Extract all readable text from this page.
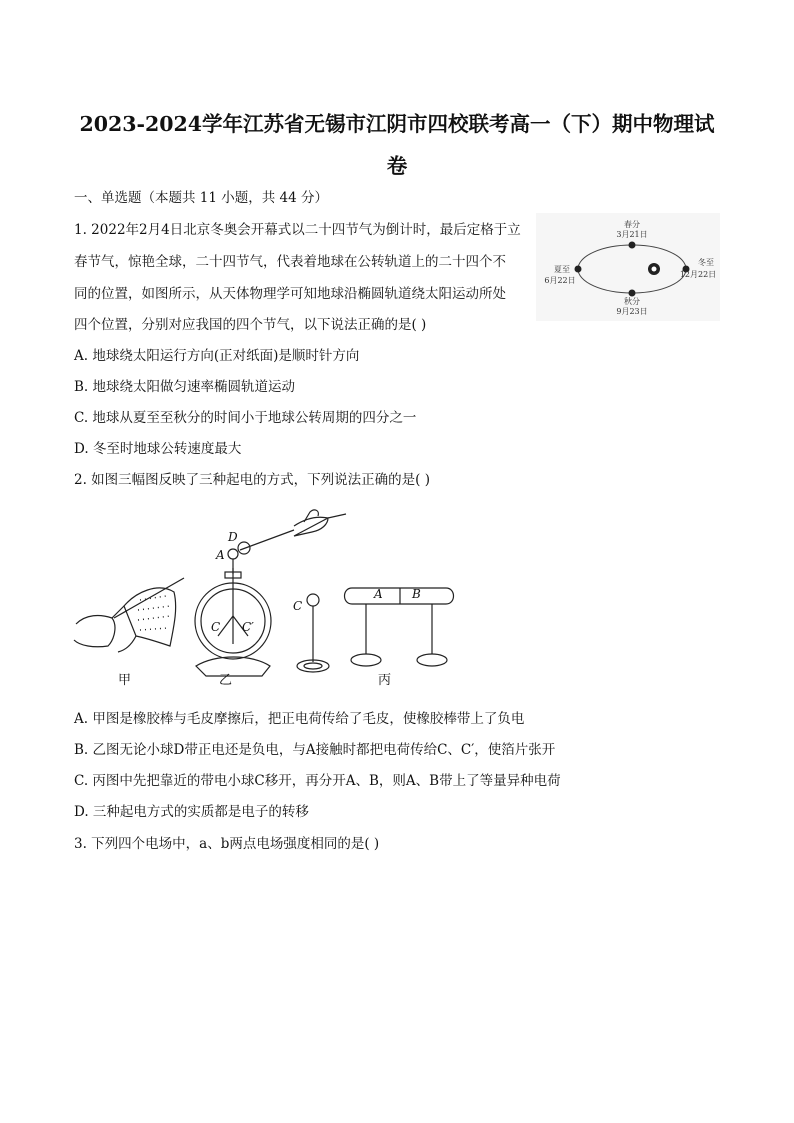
2023-2024学年江苏省无锡市江阴市四校联考高一（下）期中物理试
卷
一、单选题（本题共 11 小题，共 44 分）
1. 2022年2月4日北京冬奥会开幕式以二十四节气为倒计时，最后定格于立
春节气，惊艳全球，二十四节气，代表着地球在公转轨道上的二十四个不
同的位置，如图所示，从天体物理学可知地球沿椭圆轨道绕太阳运动所处
四个位置，分别对应我国的四个节气，以下说法正确的是( )
春分
3月21日
夏至
6月22日
秋分
9月23日
冬至
12月22日
A. 地球绕太阳运行方向(正对纸面)是顺时针方向
B. 地球绕太阳做匀速率椭圆轨道运动
C. 地球从夏至至秋分的时间小于地球公转周期的四分之一
D. 冬至时地球公转速度最大
2. 如图三幅图反映了三种起电的方式，下列说法正确的是( )
D
A
C C′
C
A B
甲	乙	丙
A. 甲图是橡胶棒与毛皮摩擦后，把正电荷传给了毛皮，使橡胶棒带上了负电
B. 乙图无论小球D带正电还是负电，与A接触时都把电荷传给C、C′，使箔片张开
C. 丙图中先把靠近的带电小球C移开，再分开A、B，则A、B带上了等量异种电荷
D. 三种起电方式的实质都是电子的转移
3. 下列四个电场中，a、b两点电场强度相同的是( )
